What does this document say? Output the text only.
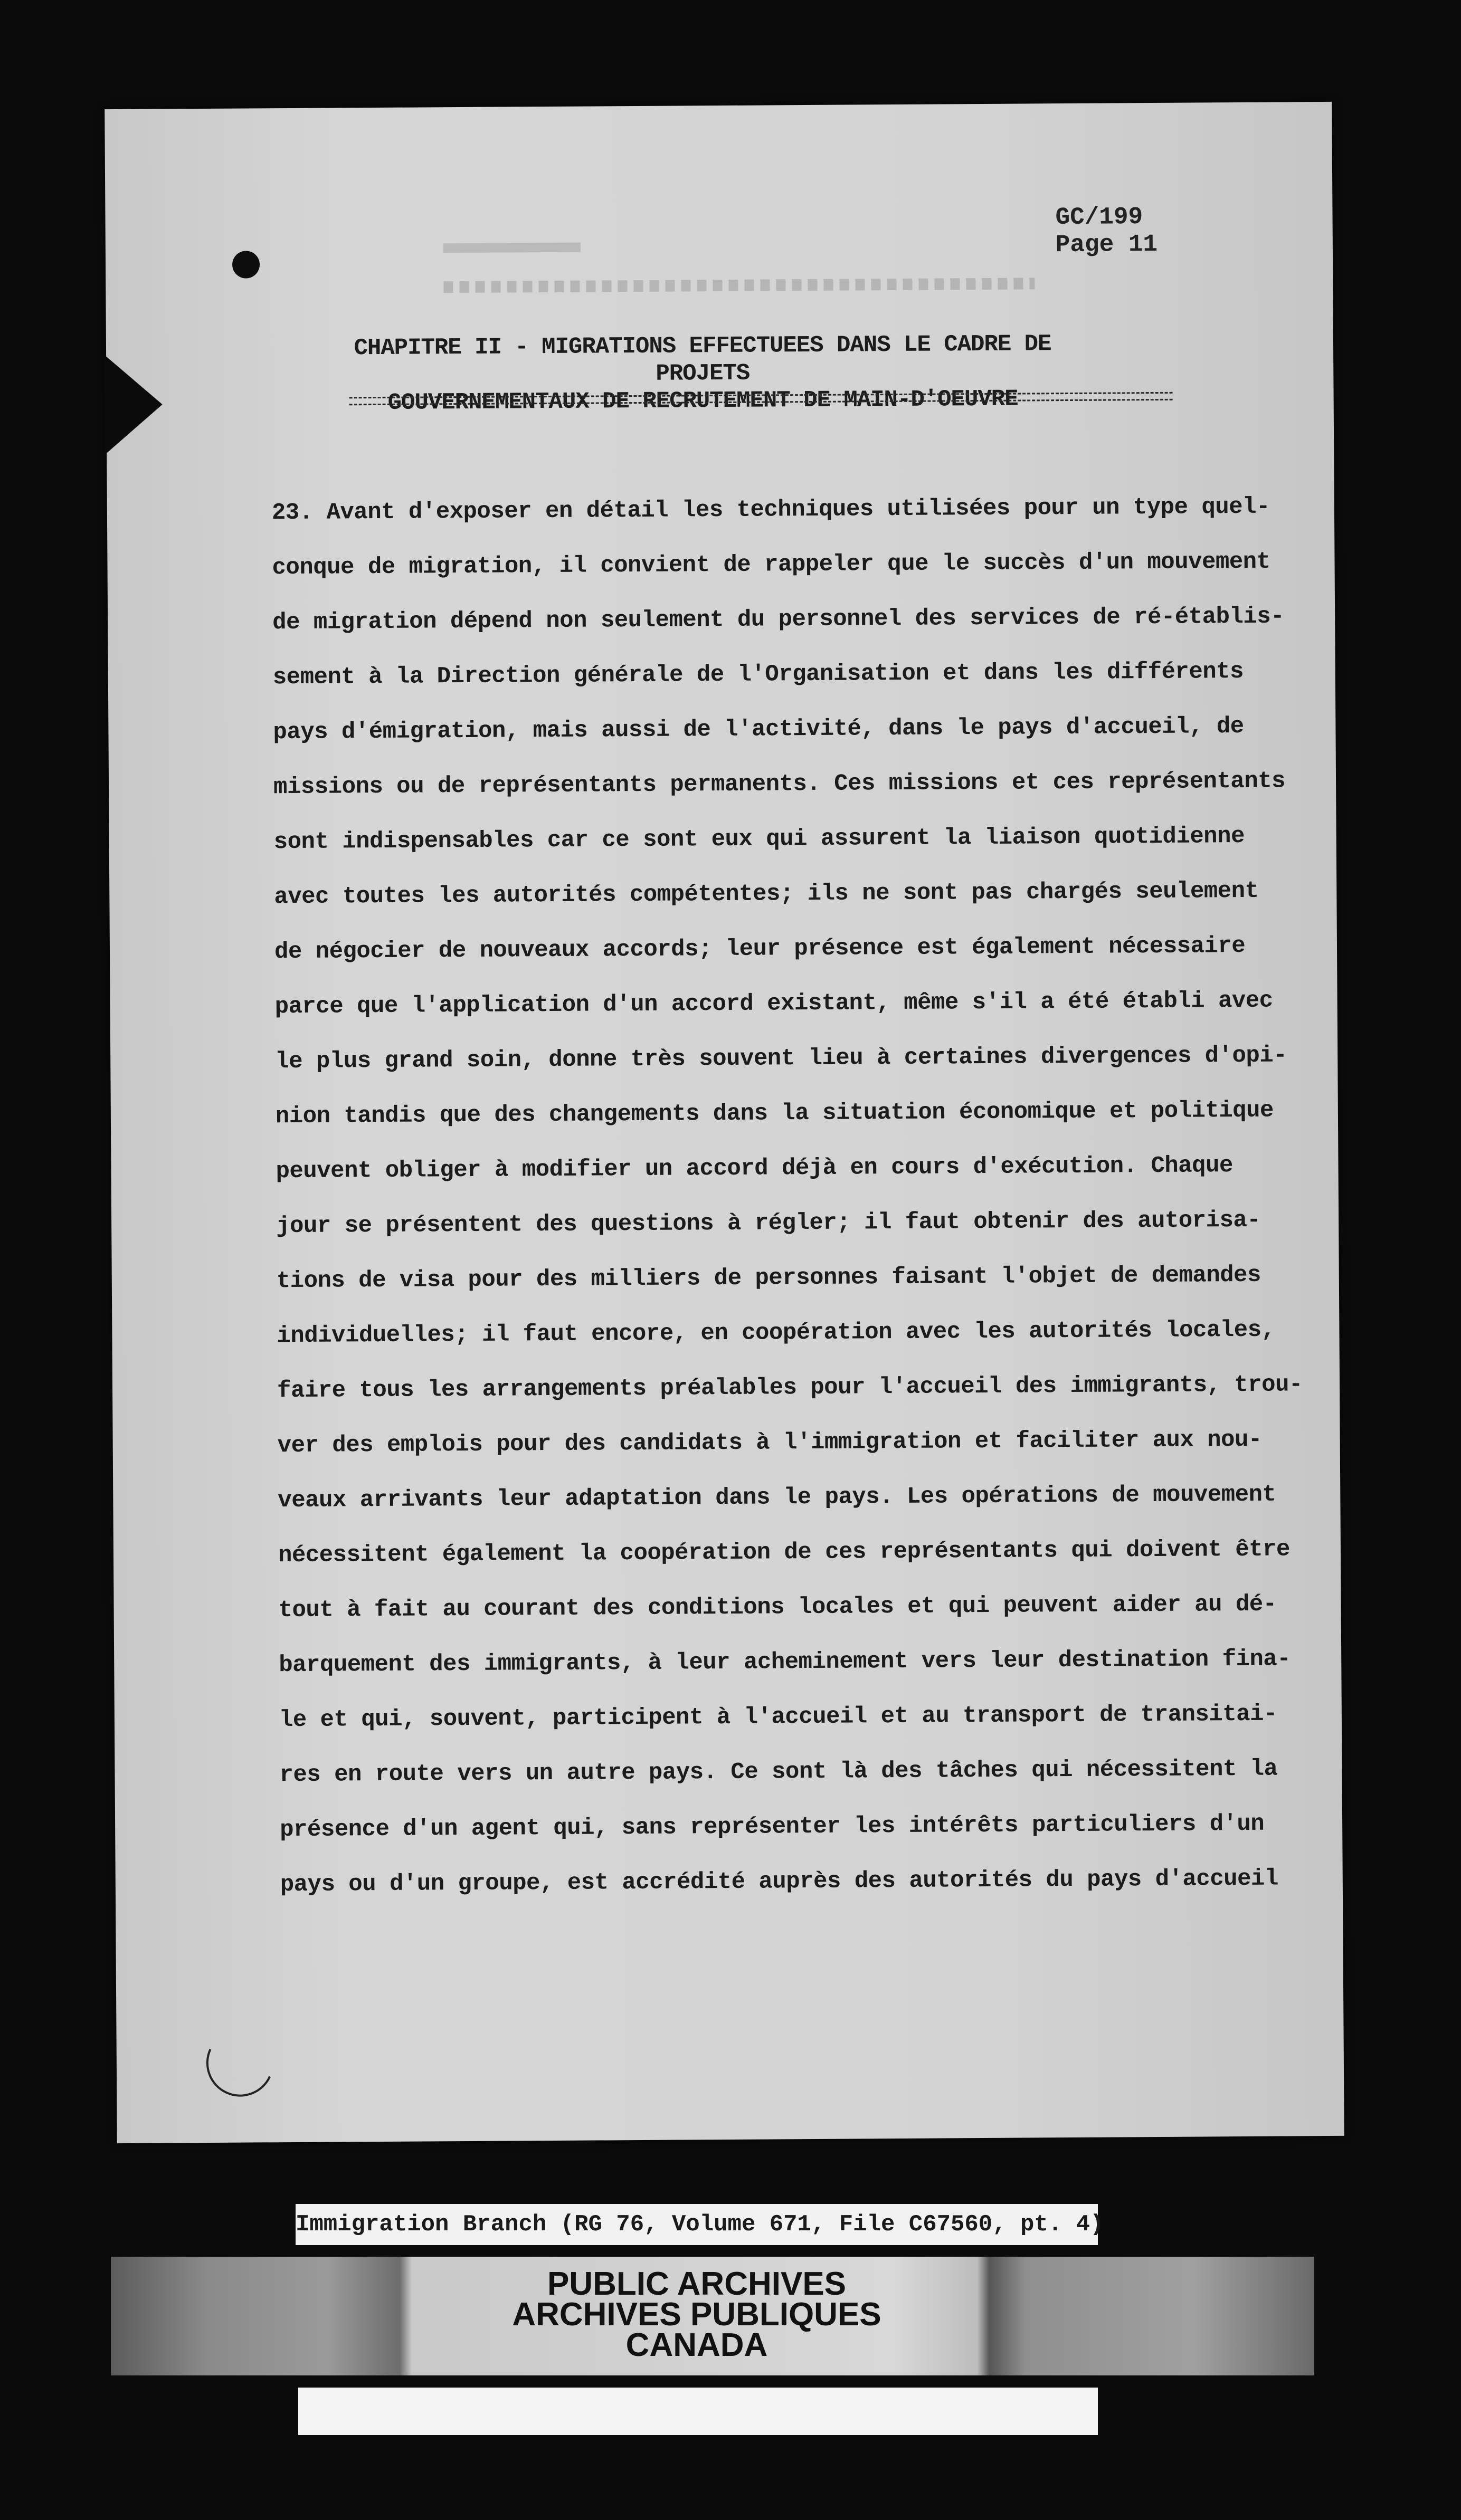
GC/199
Page 11
CHAPITRE II - MIGRATIONS EFFECTUEES DANS LE CADRE DE PROJETS
GOUVERNEMENTAUX DE RECRUTEMENT DE MAIN-D'OEUVRE
23. Avant d'exposer en détail les techniques utilisées pour un type quel-
conque de migration, il convient de rappeler que le succès d'un mouvement
de migration dépend non seulement du personnel des services de ré-établis-
sement à la Direction générale de l'Organisation et dans les différents
pays d'émigration, mais aussi de l'activité, dans le pays d'accueil, de
missions ou de représentants permanents. Ces missions et ces représentants
sont indispensables car ce sont eux qui assurent la liaison quotidienne
avec toutes les autorités compétentes; ils ne sont pas chargés seulement
de négocier de nouveaux accords; leur présence est également nécessaire
parce que l'application d'un accord existant, même s'il a été établi avec
le plus grand soin, donne très souvent lieu à certaines divergences d'opi-
nion tandis que des changements dans la situation économique et politique
peuvent obliger à modifier un accord déjà en cours d'exécution. Chaque
jour se présentent des questions à régler; il faut obtenir des autorisa-
tions de visa pour des milliers de personnes faisant l'objet de demandes
individuelles; il faut encore, en coopération avec les autorités locales,
faire tous les arrangements préalables pour l'accueil des immigrants, trou-
ver des emplois pour des candidats à l'immigration et faciliter aux nou-
veaux arrivants leur adaptation dans le pays. Les opérations de mouvement
nécessitent également la coopération de ces représentants qui doivent être
tout à fait au courant des conditions locales et qui peuvent aider au dé-
barquement des immigrants, à leur acheminement vers leur destination fina-
le et qui, souvent, participent à l'accueil et au transport de transitai-
res en route vers un autre pays. Ce sont là des tâches qui nécessitent la
présence d'un agent qui, sans représenter les intérêts particuliers d'un
pays ou d'un groupe, est accrédité auprès des autorités du pays d'accueil
Immigration Branch (RG 76, Volume 671, File C67560, pt. 4)
PUBLIC ARCHIVES
ARCHIVES PUBLIQUES
CANADA
